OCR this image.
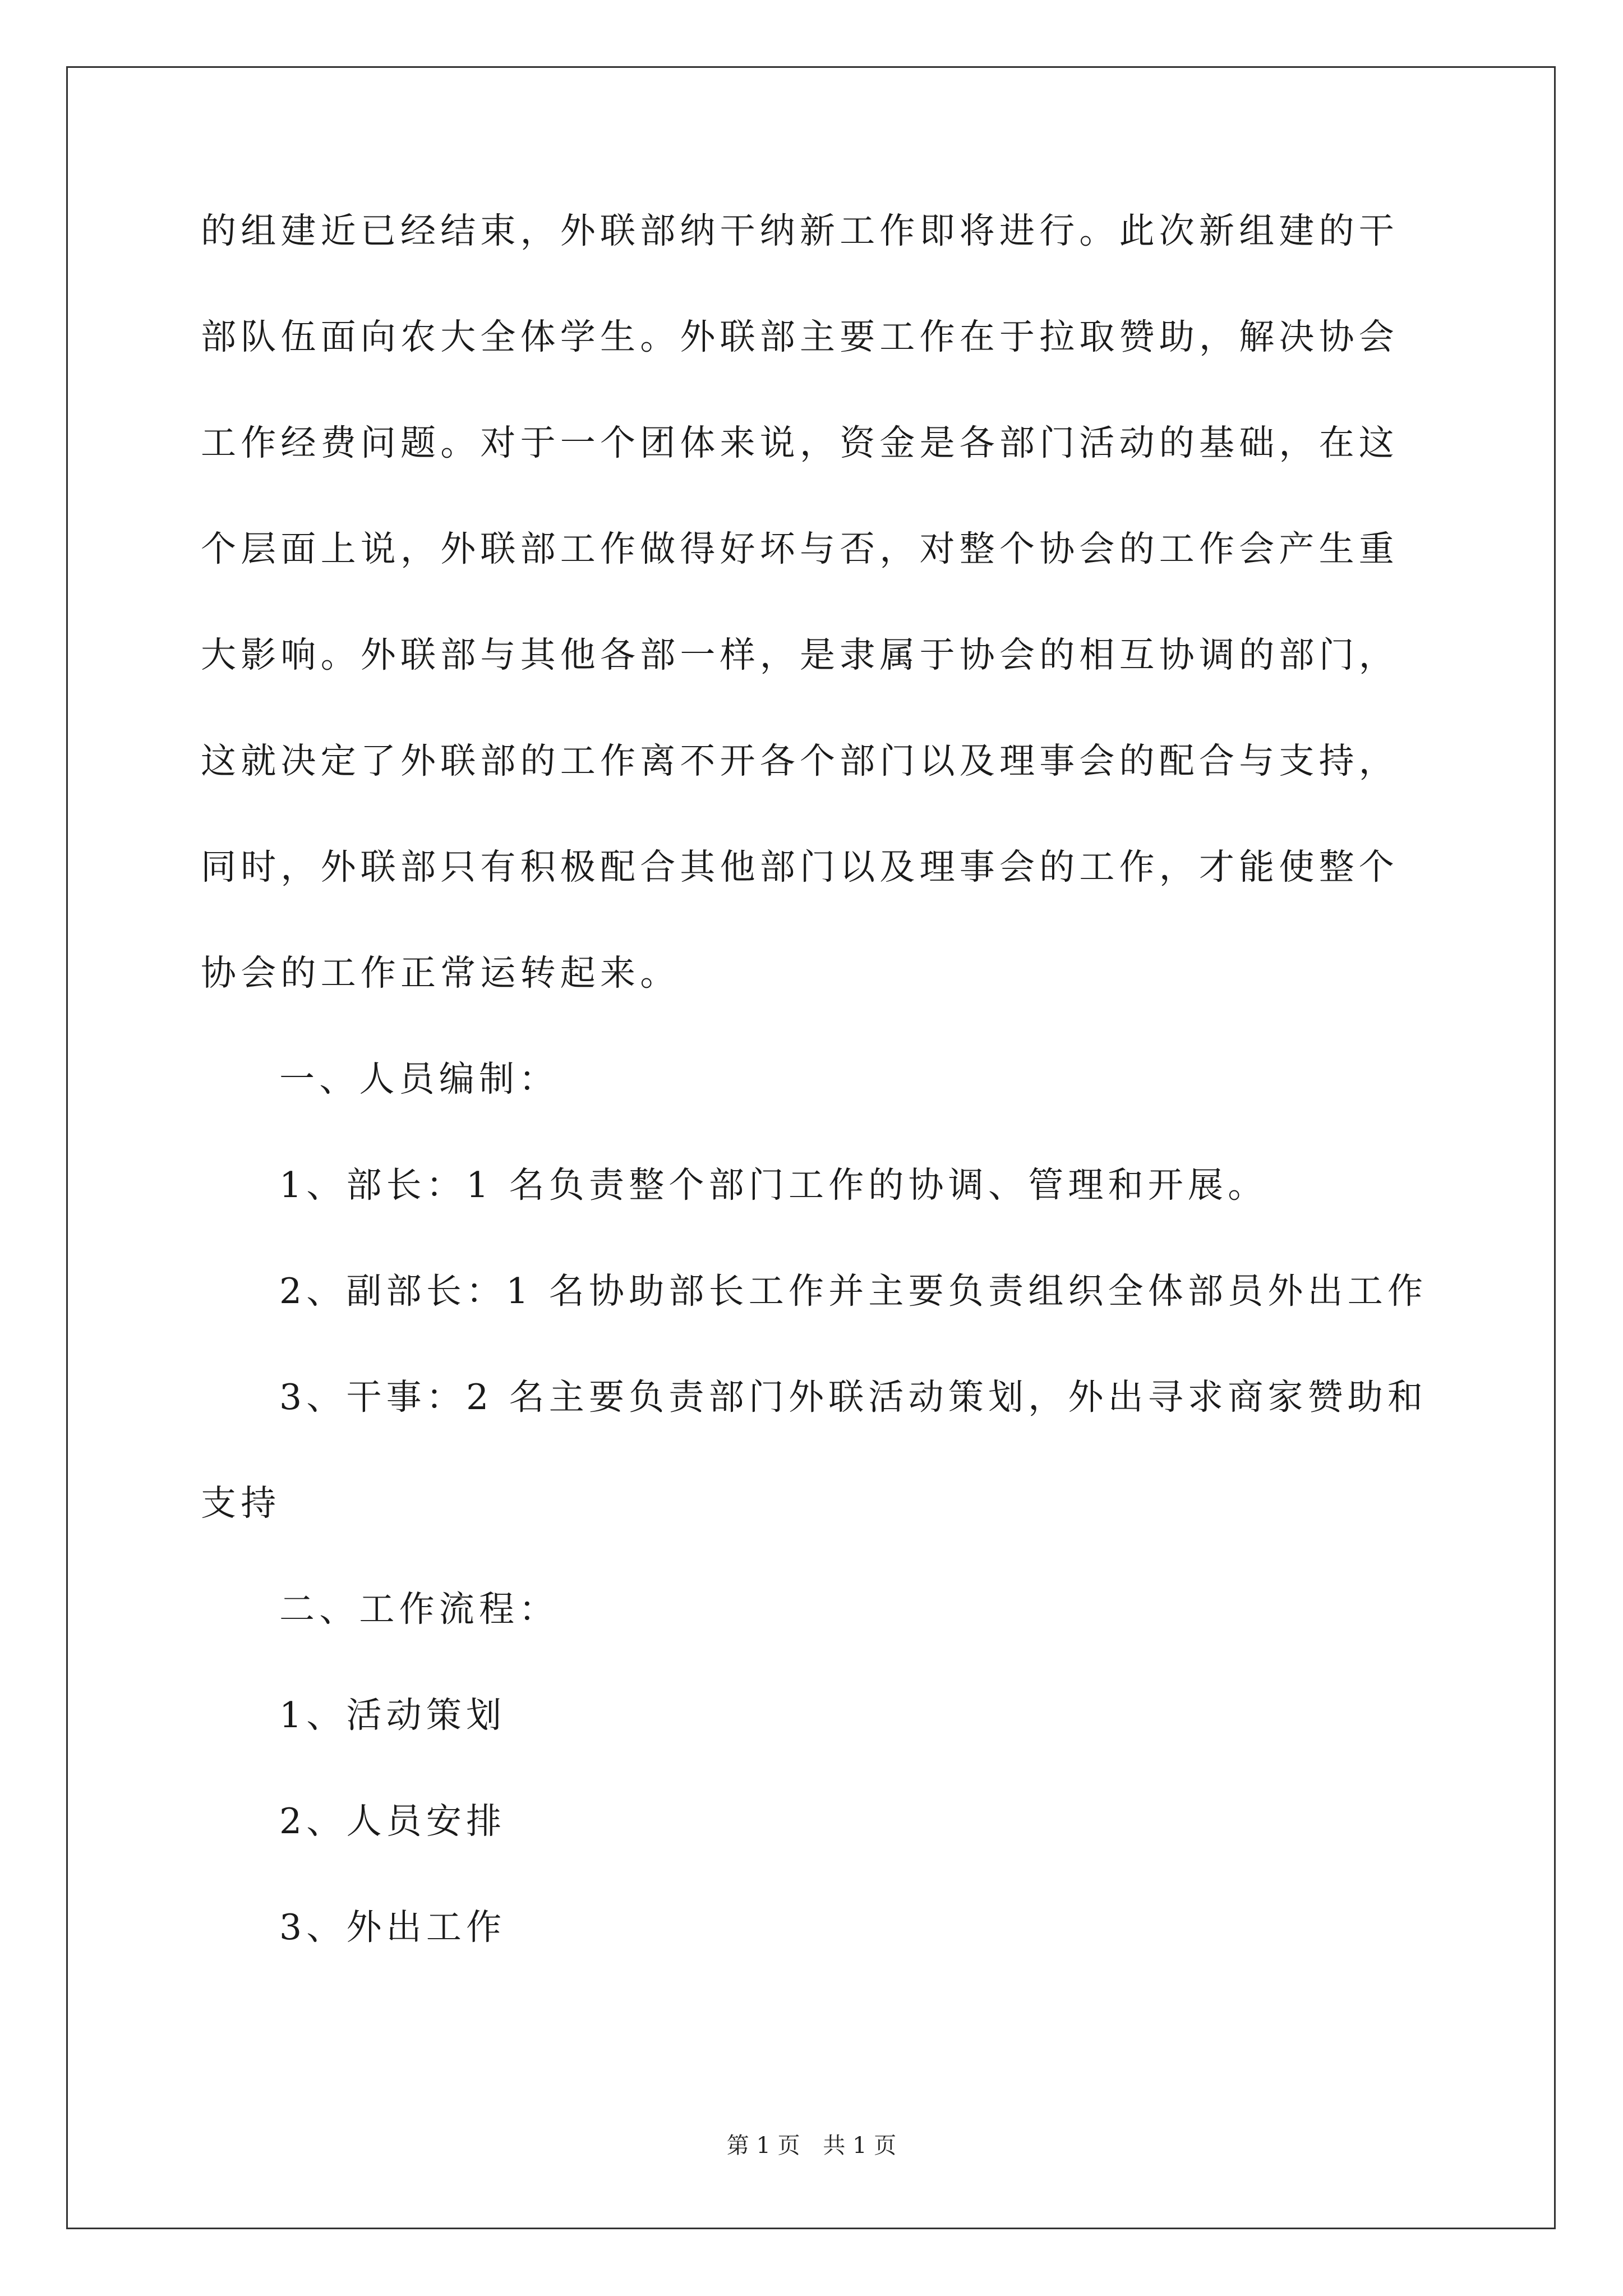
的组建近已经结束，外联部纳干纳新工作即将进行。此次新组建的干

部队伍面向农大全体学生。外联部主要工作在于拉取赞助，解决协会

工作经费问题。对于一个团体来说，资金是各部门活动的基础，在这

个层面上说，外联部工作做得好坏与否，对整个协会的工作会产生重

大影响。外联部与其他各部一样，是隶属于协会的相互协调的部门，

这就决定了外联部的工作离不开各个部门以及理事会的配合与支持，

同时，外联部只有积极配合其他部门以及理事会的工作，才能使整个

协会的工作正常运转起来。

一、人员编制：

1、部长：1 名负责整个部门工作的协调、管理和开展。

2、副部长：1 名协助部长工作并主要负责组织全体部员外出工作

3、干事：2 名主要负责部门外联活动策划，外出寻求商家赞助和

支持

二、工作流程：

1、活动策划

2、人员安排

3、外出工作

第 1 页 共 1 页
